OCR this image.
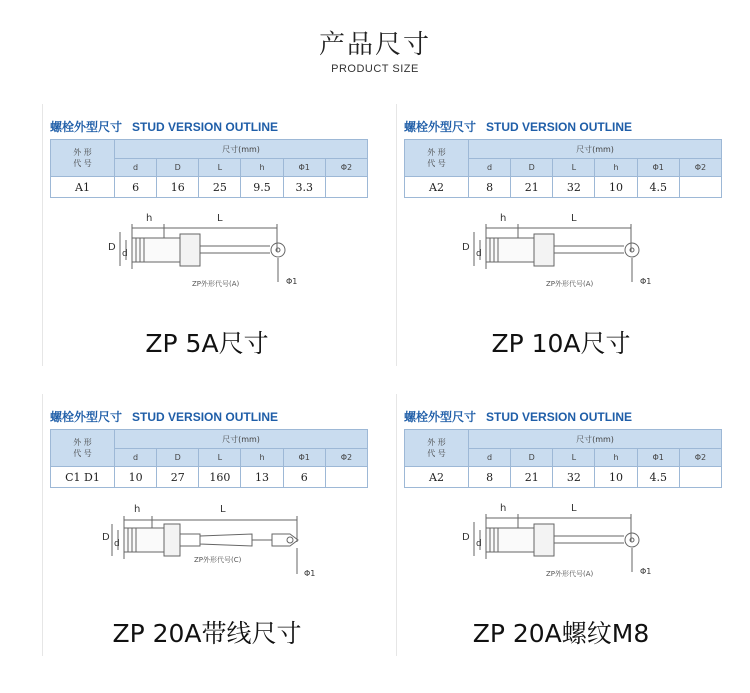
产品尺寸
PRODUCT SIZE
螺栓外型尺寸 STUD VERSION OUTLINE
外 形
代 号	尺寸(mm)					
	d	D	L	h	Φ1	Φ2
A1	6	16	25	9.5	3.3	
h	L
D
d
Φ1
ZP外形代号(A)
ZP 5A尺寸
螺栓外型尺寸 STUD VERSION OUTLINE
外 形
代 号	尺寸(mm)					
	d	D	L	h	Φ1	Φ2
A2	8	21	32	10	4.5	
h	L
D
d
Φ1
ZP外形代号(A)
ZP 10A尺寸
螺栓外型尺寸 STUD VERSION OUTLINE
外 形
代 号	尺寸(mm)					
	d	D	L	h	Φ1	Φ2
C1 D1	10	27	160	13	6	
h	L
D
d
Φ1
ZP外形代号(C)
ZP 20A带线尺寸
螺栓外型尺寸 STUD VERSION OUTLINE
外 形
代 号	尺寸(mm)					
	d	D	L	h	Φ1	Φ2
A2	8	21	32	10	4.5	
h	L
D
d
Φ1
ZP外形代号(A)
ZP 20A螺纹M8
